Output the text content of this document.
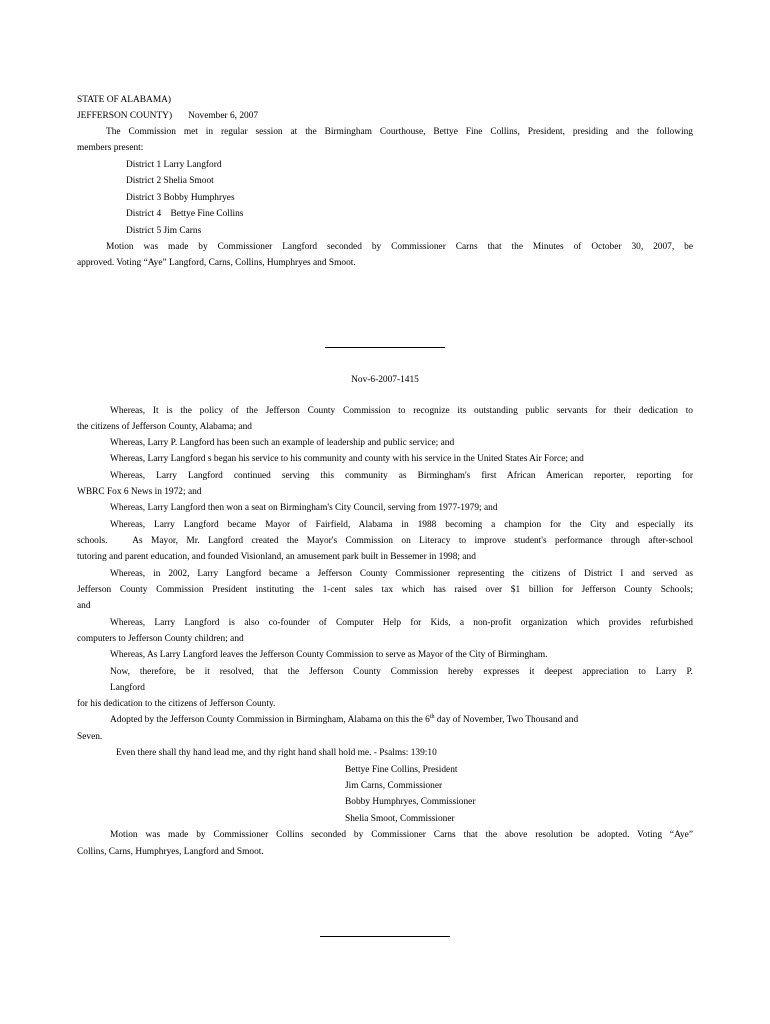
STATE OF ALABAMA)
JEFFERSON COUNTY) November 6, 2007
The Commission met in regular session at the Birmingham Courthouse, Bettye Fine Collins, President, presiding and the following
members present:
District 1 Larry Langford
District 2 Shelia Smoot
District 3 Bobby Humphryes
District 4    Bettye Fine Collins
District 5 Jim Carns
Motion was made by Commissioner Langford seconded by Commissioner Carns that the Minutes of October 30, 2007, be
approved. Voting “Aye” Langford, Carns, Collins, Humphryes and Smoot.
Nov-6-2007-1415
Whereas, It is the policy of the Jefferson County Commission to recognize its outstanding public servants for their dedication to
the citizens of Jefferson County, Alabama; and
Whereas, Larry P. Langford has been such an example of leadership and public service; and
Whereas, Larry Langford s began his service to his community and county with his service in the United States Air Force; and
Whereas, Larry Langford continued serving this community as Birmingham's first African American reporter, reporting for
WBRC Fox 6 News in 1972; and
Whereas, Larry Langford then won a seat on Birmingham's City Council, serving from 1977-1979; and
Whereas, Larry Langford became Mayor of Fairfield, Alabama in 1988 becoming a champion for the City and especially its
schools.   As Mayor, Mr. Langford created the Mayor's Commission on Literacy to improve student's performance through after-school
tutoring and parent education, and founded Visionland, an amusement park built in Bessemer in 1998; and
Whereas, in 2002, Larry Langford became a Jefferson County Commissioner representing the citizens of District I and served as
Jefferson County Commission President instituting the 1-cent sales tax which has raised over $1 billion for Jefferson County Schools;
and
Whereas, Larry Langford is also co-founder of Computer Help for Kids, a non-profit organization which provides refurbished
computers to Jefferson County children; and
Whereas, As Larry Langford leaves the Jefferson County Commission to serve as Mayor of the City of Birmingham.
Now, therefore, be it resolved, that the Jefferson County Commission hereby expresses it deepest appreciation to Larry P.
Langford
for his dedication to the citizens of Jefferson County.
Adopted by the Jefferson County Commission in Birmingham, Alabama on this the 6th day of November, Two Thousand and
Seven.
Even there shall thy hand lead me, and thy right hand shall hold me. - Psalms: 139:10
Bettye Fine Collins, President
Jim Carns, Commissioner
Bobby Humphryes, Commissioner
Shelia Smoot, Commissioner
Motion was made by Commissioner Collins seconded by Commissioner Carns that the above resolution be adopted. Voting “Aye”
Collins, Carns, Humphryes, Langford and Smoot.
